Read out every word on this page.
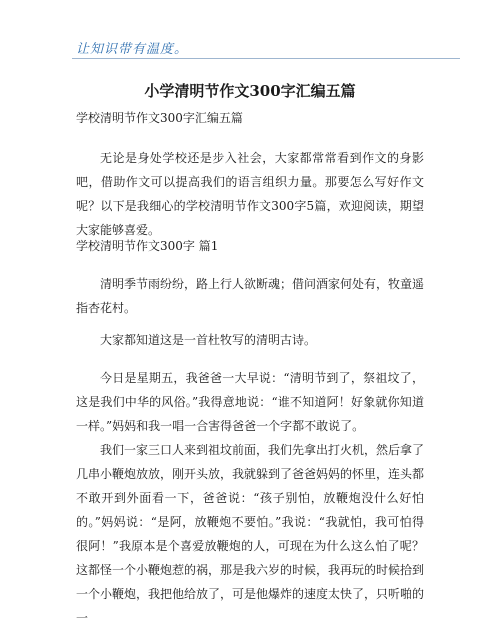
让知识带有温度。
小学清明节作文300字汇编五篇

学校清明节作文300字汇编五篇

无论是身处学校还是步入社会，大家都常常看到作文的身影吧，借助作文可以提高我们的语言组织力量。那要怎么写好作文呢？以下是我细心的学校清明节作文300字5篇，欢迎阅读，期望大家能够喜爱。

学校清明节作文300字 篇1

清明季节雨纷纷，路上行人欲断魂；借问酒家何处有，牧童遥指杏花村。

大家都知道这是一首杜牧写的清明古诗。

今日是星期五，我爸爸一大早说：“清明节到了，祭祖坟了，这是我们中华的风俗。”我得意地说：“谁不知道阿！好象就你知道一样。”妈妈和我一唱一合害得爸爸一个字都不敢说了。

我们一家三口人来到祖坟前面，我们先拿出打火机，然后拿了几串小鞭炮放放，刚开头放，我就躲到了爸爸妈妈的怀里，连头都不敢开到外面看一下，爸爸说：“孩子别怕，放鞭炮没什么好怕的。”妈妈说：“是阿，放鞭炮不要怕。”我说：“我就怕，我可怕得很阿！”我原本是个喜爱放鞭炮的人，可现在为什么这么怕了呢？这都怪一个小鞭炮惹的祸，那是我六岁的时候，我再玩的时候拾到一个小鞭炮，我把他给放了，可是他爆炸的速度太快了，只听啪的一
